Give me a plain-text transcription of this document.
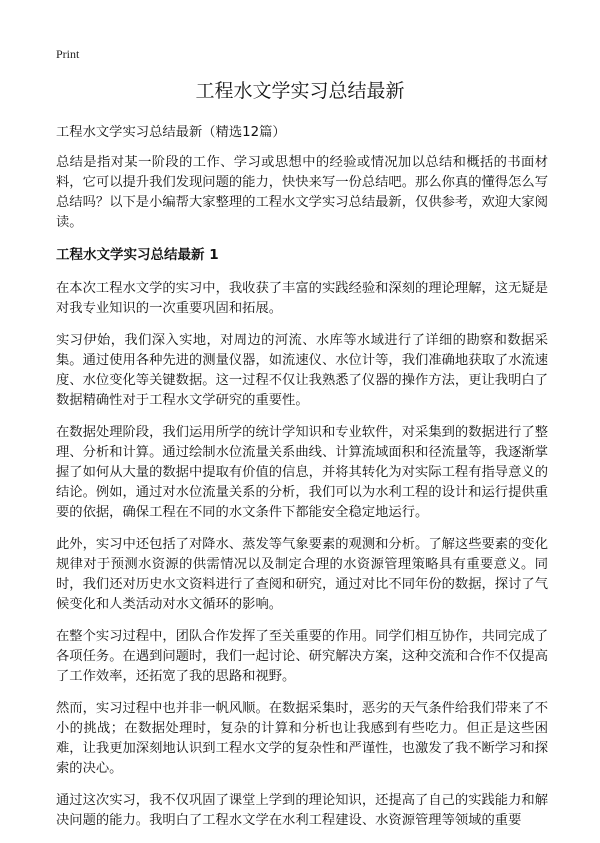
Print
工程水文学实习总结最新

工程水文学实习总结最新（精选12篇）

总结是指对某一阶段的工作、学习或思想中的经验或情况加以总结和概括的书面材料，它可以提升我们发现问题的能力，快快来写一份总结吧。那么你真的懂得怎么写总结吗？以下是小编帮大家整理的工程水文学实习总结最新，仅供参考，欢迎大家阅读。

工程水文学实习总结最新 1

在本次工程水文学的实习中，我收获了丰富的实践经验和深刻的理论理解，这无疑是对我专业知识的一次重要巩固和拓展。

实习伊始，我们深入实地，对周边的河流、水库等水域进行了详细的勘察和数据采集。通过使用各种先进的测量仪器，如流速仪、水位计等，我们准确地获取了水流速度、水位变化等关键数据。这一过程不仅让我熟悉了仪器的操作方法，更让我明白了数据精确性对于工程水文学研究的重要性。

在数据处理阶段，我们运用所学的统计学知识和专业软件，对采集到的数据进行了整理、分析和计算。通过绘制水位流量关系曲线、计算流域面积和径流量等，我逐渐掌握了如何从大量的数据中提取有价值的信息，并将其转化为对实际工程有指导意义的结论。例如，通过对水位流量关系的分析，我们可以为水利工程的设计和运行提供重要的依据，确保工程在不同的水文条件下都能安全稳定地运行。

此外，实习中还包括了对降水、蒸发等气象要素的观测和分析。了解这些要素的变化规律对于预测水资源的供需情况以及制定合理的水资源管理策略具有重要意义。同时，我们还对历史水文资料进行了查阅和研究，通过对比不同年份的数据，探讨了气候变化和人类活动对水文循环的影响。

在整个实习过程中，团队合作发挥了至关重要的作用。同学们相互协作，共同完成了各项任务。在遇到问题时，我们一起讨论、研究解决方案，这种交流和合作不仅提高了工作效率，还拓宽了我的思路和视野。

然而，实习过程中也并非一帆风顺。在数据采集时，恶劣的天气条件给我们带来了不小的挑战；在数据处理时，复杂的计算和分析也让我感到有些吃力。但正是这些困难，让我更加深刻地认识到工程水文学的复杂性和严谨性，也激发了我不断学习和探索的决心。

通过这次实习，我不仅巩固了课堂上学到的理论知识，还提高了自己的实践能力和解决问题的能力。我明白了工程水文学在水利工程建设、水资源管理等领域的重要
